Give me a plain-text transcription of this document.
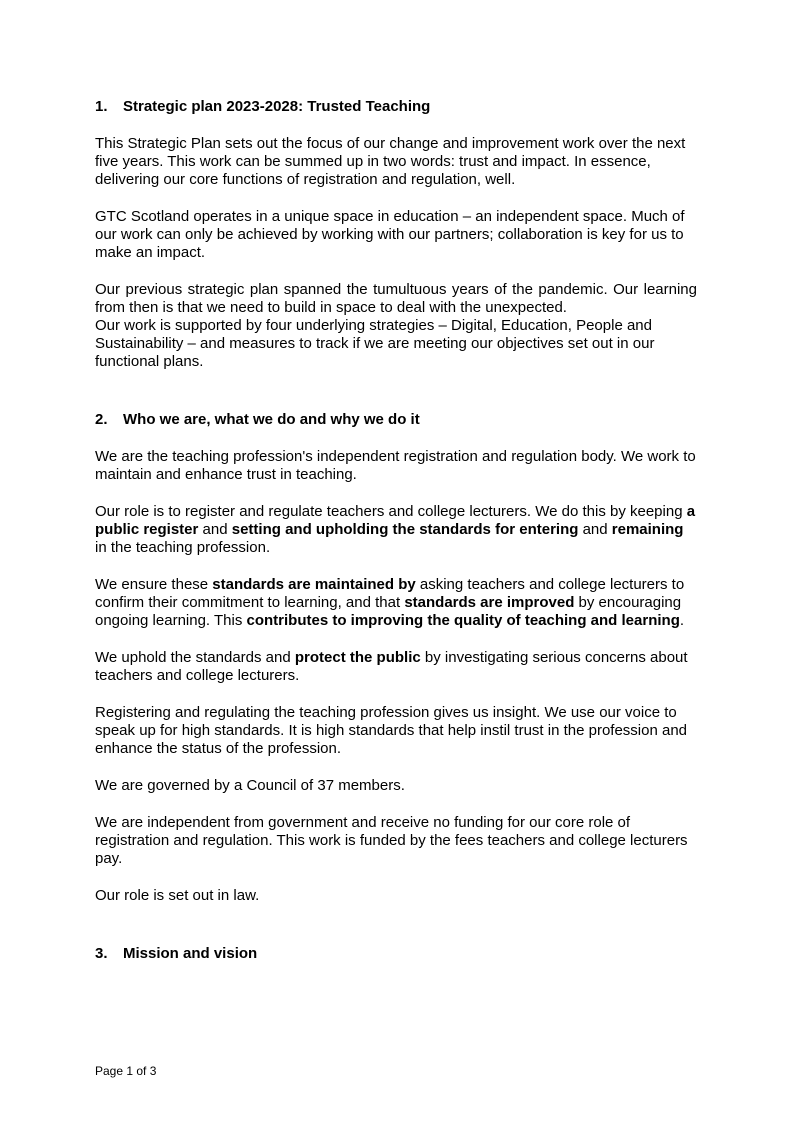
1. Strategic plan 2023-2028: Trusted Teaching

This Strategic Plan sets out the focus of our change and improvement work over the next five years. This work can be summed up in two words: trust and impact. In essence, delivering our core functions of registration and regulation, well.

GTC Scotland operates in a unique space in education – an independent space. Much of our work can only be achieved by working with our partners; collaboration is key for us to make an impact.

Our previous strategic plan spanned the tumultuous years of the pandemic. Our learning from then is that we need to build in space to deal with the unexpected.

Our work is supported by four underlying strategies – Digital, Education, People and Sustainability – and measures to track if we are meeting our objectives set out in our functional plans.

2. Who we are, what we do and why we do it

We are the teaching profession's independent registration and regulation body. We work to maintain and enhance trust in teaching.

Our role is to register and regulate teachers and college lecturers. We do this by keeping a public register and setting and upholding the standards for entering and remaining in the teaching profession.

We ensure these standards are maintained by asking teachers and college lecturers to confirm their commitment to learning, and that standards are improved by encouraging ongoing learning. This contributes to improving the quality of teaching and learning.

We uphold the standards and protect the public by investigating serious concerns about teachers and college lecturers.

Registering and regulating the teaching profession gives us insight. We use our voice to speak up for high standards. It is high standards that help instil trust in the profession and enhance the status of the profession.

We are governed by a Council of 37 members.

We are independent from government and receive no funding for our core role of registration and regulation. This work is funded by the fees teachers and college lecturers pay.

Our role is set out in law.

3. Mission and vision
Page 1 of 3
